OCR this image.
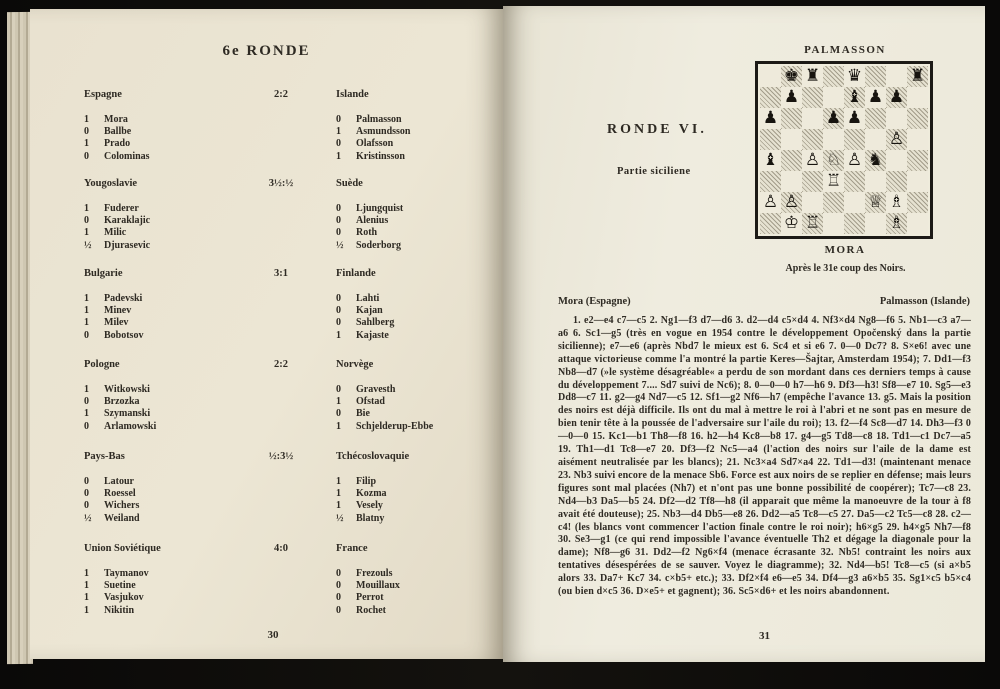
6e RONDE
Espagne	2:2	Islande
1	Mora	0	Palmasson
0	Ballbe	1	Asmundsson
1	Prado	0	Olafsson
0	Colominas	1	Kristinsson
Yougoslavie	3½:½	Suède
1	Fuderer	0	Ljungquist
0	Karaklajic	0	Alenius
1	Milic	0	Roth
½	Djurasevic	½	Soderborg
Bulgarie	3:1	Finlande
1	Padevski	0	Lahti
1	Minev	0	Kajan
1	Milev	0	Sahlberg
0	Bobotsov	1	Kajaste
Pologne	2:2	Norvège
1	Witkowski	0	Gravesth
0	Brzozka	1	Ofstad
1	Szymanski	0	Bie
0	Arlamowski	1	Schjelderup-Ebbe
Pays-Bas	½:3½	Tchécoslovaquie
0	Latour	1	Filip
0	Roessel	1	Kozma
0	Wichers	1	Vesely
½	Weiland	½	Blatny
Union Soviétique	4:0	France
1	Taymanov	0	Frezouls
1	Suetine	0	Mouillaux
1	Vasjukov	0	Perrot
1	Nikitin	0	Rochet
30
RONDE VI.
Partie siciliene
PALMASSON
♚ ♜ ♛	♜
♟	♝ ♟ ♟
♟	♟ ♟
♙
♝ ♙ ♘ ♙ ♞
♖
♙ ♙	♕ ♗
♔ ♖	♗
MORA
Après le 31e coup des Noirs.
Palmasson (Islande)
Mora (Espagne)
1. e2—e4 c7—c5 2. Ng1—f3 d7—d6 3. d2—d4 c5×d4 4. Nf3×d4 Ng8—f6 5. Nb1—c3 a7—a6 6. Sc1—g5 (très en vogue en 1954 contre le développement Opočenský dans la partie sicilienne); e7—e6 (après Nbd7 le mieux est 6. Sc4 et si e6 7. 0—0 Dc7? 8. S×e6! avec une attaque victorieuse comme l'a montré la partie Keres—Šajtar, Amsterdam 1954); 7. Dd1—f3 Nb8—d7 (»le système désagréable« a perdu de son mordant dans ces derniers temps à cause du développement 7.... Sd7 suivi de Nc6); 8. 0—0—0 h7—h6 9. Df3—h3! Sf8—e7 10. Sg5—e3 Dd8—c7 11. g2—g4 Nd7—c5 12. Sf1—g2 Nf6—h7 (empêche l'avance 13. g5. Mais la position des noirs est déjà difficile. Ils ont du mal à mettre le roi à l'abri et ne sont pas en mesure de bien tenir tête à la poussée de l'adversaire sur l'aile du roi); 13. f2—f4 Sc8—d7 14. Dh3—f3 0—0—0 15. Kc1—b1 Th8—f8 16. h2—h4 Kc8—b8 17. g4—g5 Td8—c8 18. Td1—c1 Dc7—a5 19. Th1—d1 Tc8—e7 20. Df3—f2 Nc5—a4 (l'action des noirs sur l'aile de la dame est aisément neutralisée par les blancs); 21. Nc3×a4 Sd7×a4 22. Td1—d3! (maintenant menace 23. Nb3 suivi encore de la menace Sb6. Force est aux noirs de se replier en défense; mais leurs figures sont mal placées (Nh7) et n'ont pas une bonne possibilité de coopérer); Tc7—c8 23. Nd4—b3 Da5—b5 24. Df2—d2 Tf8—h8 (il apparait que même la manoeuvre de la tour à f8 avait été douteuse); 25. Nb3—d4 Db5—e8 26. Dd2—a5 Tc8—c5 27. Da5—c2 Tc5—c8 28. c2—c4! (les blancs vont commencer l'action finale contre le roi noir); h6×g5 29. h4×g5 Nh7—f8 30. Se3—g1 (ce qui rend impossible l'avance éventuelle Th2 et dégage la diagonale pour la dame); Nf8—g6 31. Dd2—f2 Ng6×f4 (menace écrasante 32. Nb5! contraint les noirs aux tentatives désespérées de se sauver. Voyez le diagramme); 32. Nd4—b5! Tc8—c5 (si a×b5 alors 33. Da7+ Kc7 34. c×b5+ etc.); 33. Df2×f4 e6—e5 34. Df4—g3 a6×b5 35. Sg1×c5 b5×c4 (ou bien d×c5 36. D×e5+ et gagnent); 36. Sc5×d6+ et les noirs abandonnent.
31
